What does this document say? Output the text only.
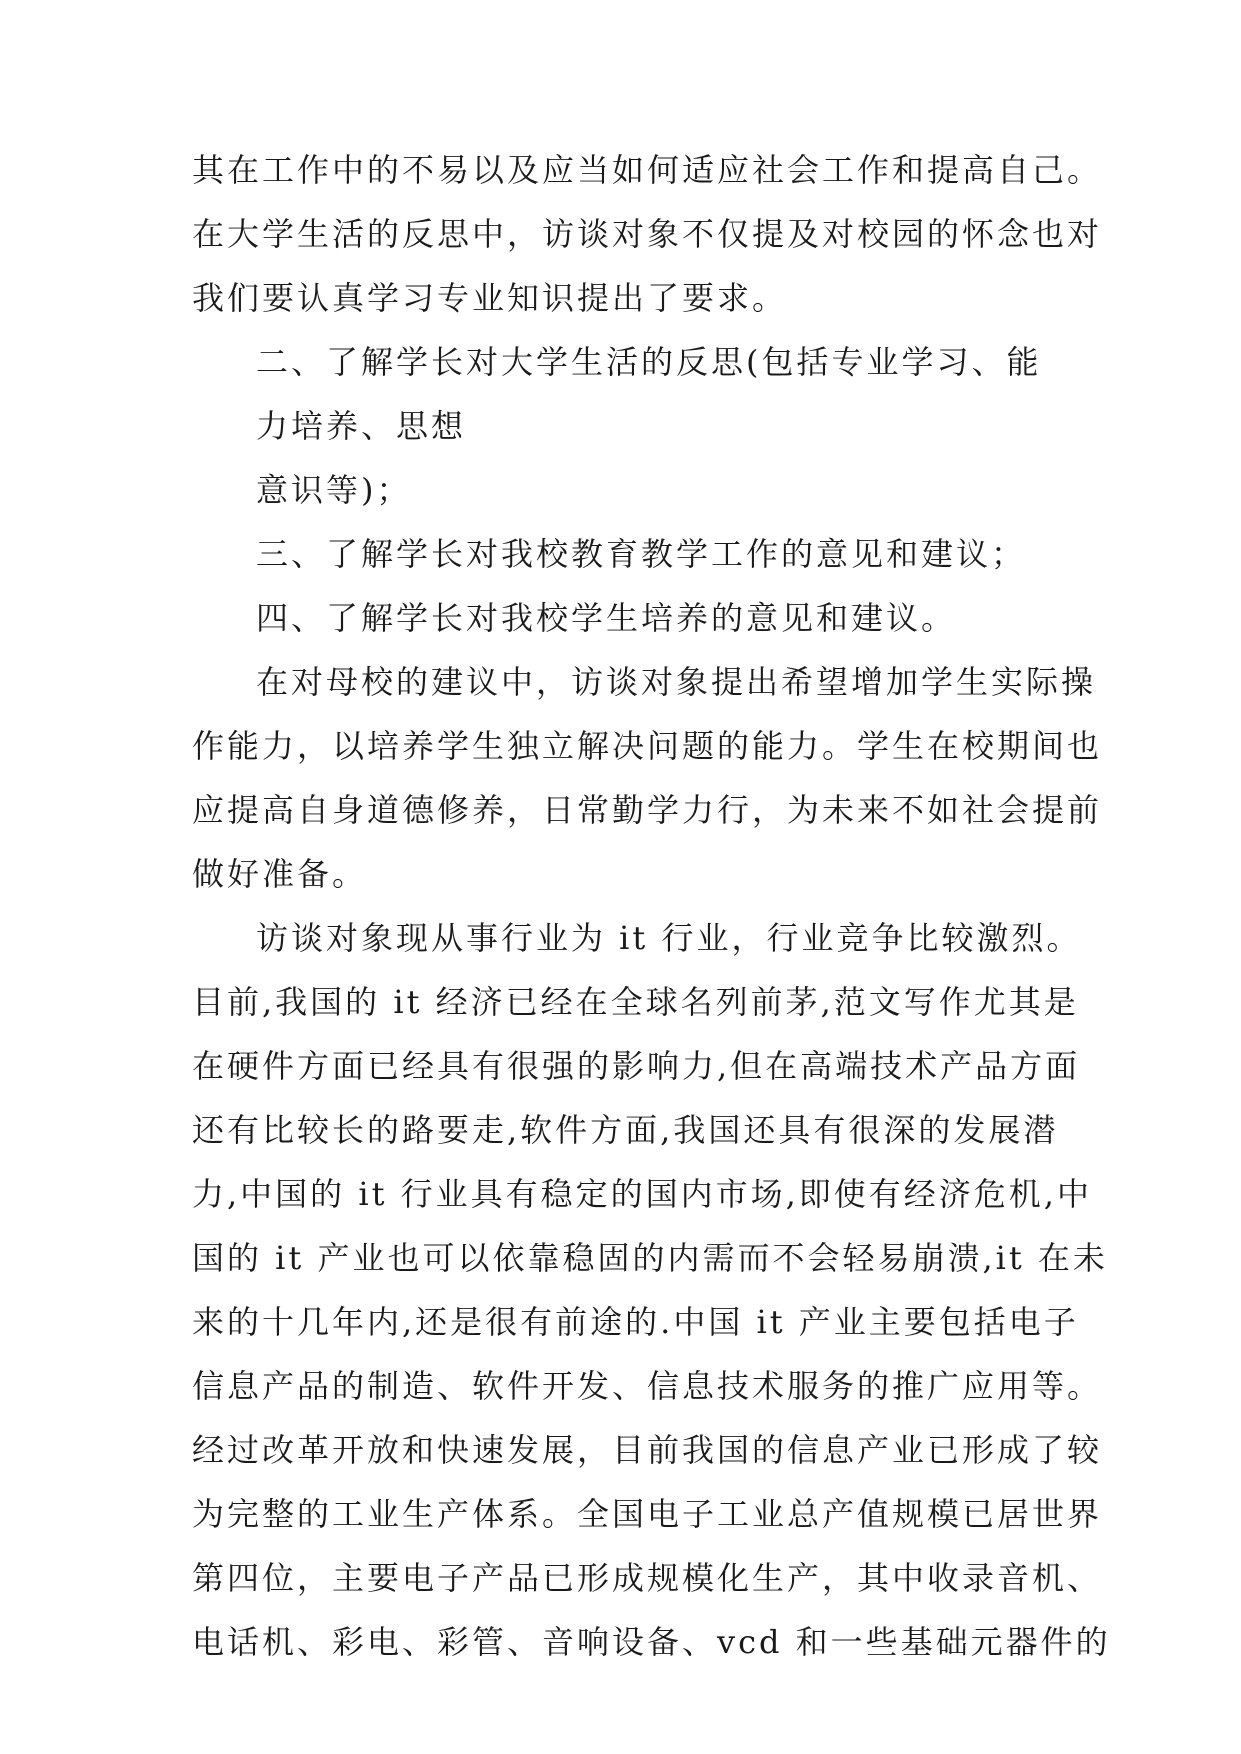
其在工作中的不易以及应当如何适应社会工作和提高自己。
在大学生活的反思中，访谈对象不仅提及对校园的怀念也对
我们要认真学习专业知识提出了要求。
二、了解学长对大学生活的反思(包括专业学习、能
力培养、思想
意识等)；
三、了解学长对我校教育教学工作的意见和建议；
四、了解学长对我校学生培养的意见和建议。
在对母校的建议中，访谈对象提出希望增加学生实际操
作能力，以培养学生独立解决问题的能力。学生在校期间也
应提高自身道德修养，日常勤学力行，为未来不如社会提前
做好准备。
访谈对象现从事行业为 it 行业，行业竞争比较激烈。
目前,我国的 it 经济已经在全球名列前茅,范文写作尤其是
在硬件方面已经具有很强的影响力,但在高端技术产品方面
还有比较长的路要走,软件方面,我国还具有很深的发展潜
力,中国的 it 行业具有稳定的国内市场,即使有经济危机,中
国的 it 产业也可以依靠稳固的内需而不会轻易崩溃,it 在未
来的十几年内,还是很有前途的.中国 it 产业主要包括电子
信息产品的制造、软件开发、信息技术服务的推广应用等。
经过改革开放和快速发展，目前我国的信息产业已形成了较
为完整的工业生产体系。全国电子工业总产值规模已居世界
第四位，主要电子产品已形成规模化生产，其中收录音机、
电话机、彩电、彩管、音响设备、vcd 和一些基础元器件的
